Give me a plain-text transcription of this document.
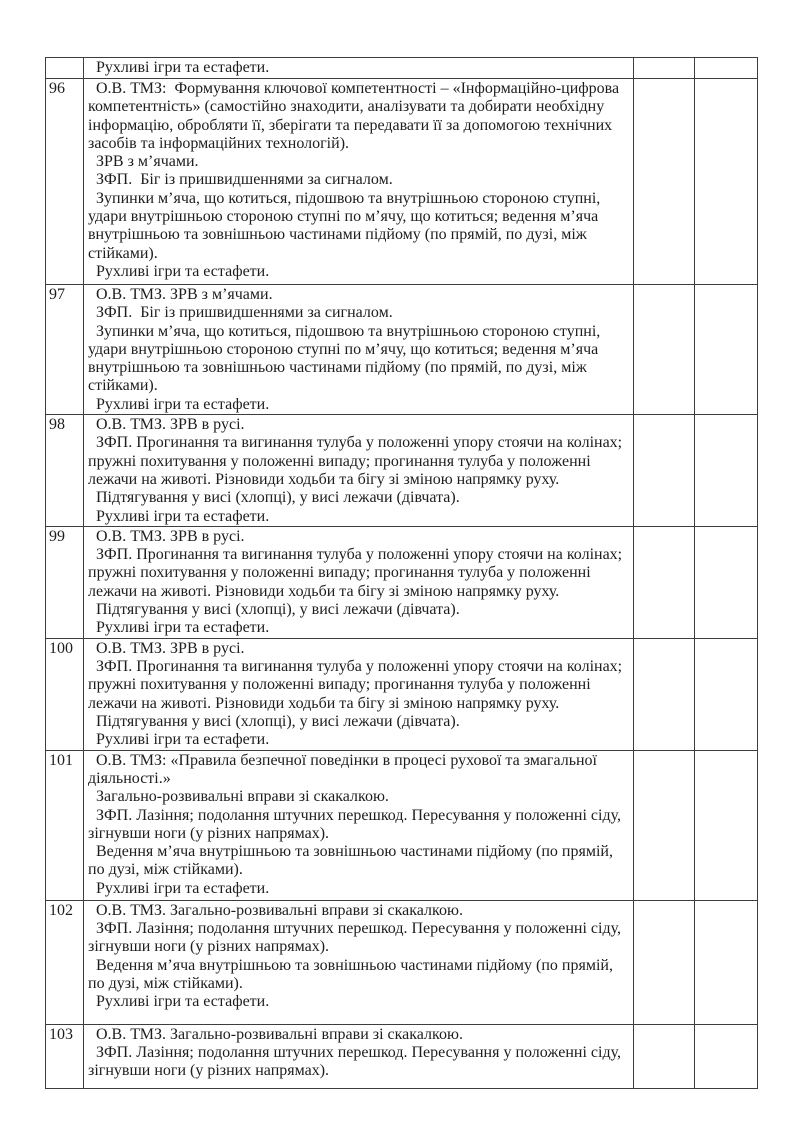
	Рухливі ігри та естафети.		

96	О.В. ТМЗ:  Формування ключової компетентності – «Інформаційно-цифрова компетентність» (самостійно знаходити, аналізувати та добирати необхідну інформацію, обробляти її, зберігати та передавати її за допомогою технічних засобів та інформаційних технологій).

ЗРВ з м’ячами.

ЗФП.  Біг із пришвидшеннями за сигналом.

Зупинки м’яча, що котиться, підошвою та внутрішньою стороною ступні, удари внутрішньою стороною ступні по м’ячу, що котиться; ведення м’яча внутрішньою та зовнішньою частинами підйому (по прямій, по дузі, між стійками).

Рухливі ігри та естафети.		

97	О.В. ТМЗ. ЗРВ з м’ячами.

ЗФП.  Біг із пришвидшеннями за сигналом.

Зупинки м’яча, що котиться, підошвою та внутрішньою стороною ступні, удари внутрішньою стороною ступні по м’ячу, що котиться; ведення м’яча внутрішньою та зовнішньою частинами підйому (по прямій, по дузі, між стійками).

Рухливі ігри та естафети.		

98	О.В. ТМЗ. ЗРВ в русі.

ЗФП. Прогинання та вигинання тулуба у положенні упору стоячи на колінах; пружні похитування у положенні випаду; прогинання тулуба у положенні лежачи на животі. Різновиди ходьби та бігу зі зміною напрямку руху.

Підтягування у висі (хлопці), у висі лежачи (дівчата).

Рухливі ігри та естафети.		

99	О.В. ТМЗ. ЗРВ в русі.

ЗФП. Прогинання та вигинання тулуба у положенні упору стоячи на колінах; пружні похитування у положенні випаду; прогинання тулуба у положенні лежачи на животі. Різновиди ходьби та бігу зі зміною напрямку руху.

Підтягування у висі (хлопці), у висі лежачи (дівчата).

Рухливі ігри та естафети.		

100	О.В. ТМЗ. ЗРВ в русі.

ЗФП. Прогинання та вигинання тулуба у положенні упору стоячи на колінах; пружні похитування у положенні випаду; прогинання тулуба у положенні лежачи на животі. Різновиди ходьби та бігу зі зміною напрямку руху.

Підтягування у висі (хлопці), у висі лежачи (дівчата).

Рухливі ігри та естафети.		

101	О.В. ТМЗ: «Правила безпечної поведінки в процесі рухової та змагальної діяльності.»

Загально-розвивальні вправи зі скакалкою.

ЗФП. Лазіння; подолання штучних перешкод. Пересування у положенні сіду, зігнувши ноги (у різних напрямах).

Ведення м’яча внутрішньою та зовнішньою частинами підйому (по прямій, по дузі, між стійками).

Рухливі ігри та естафети.		

102	О.В. ТМЗ. Загально-розвивальні вправи зі скакалкою.

ЗФП. Лазіння; подолання штучних перешкод. Пересування у положенні сіду, зігнувши ноги (у різних напрямах).

Ведення м’яча внутрішньою та зовнішньою частинами підйому (по прямій, по дузі, між стійками).

Рухливі ігри та естафети.		

103	О.В. ТМЗ. Загально-розвивальні вправи зі скакалкою.

ЗФП. Лазіння; подолання штучних перешкод. Пересування у положенні сіду, зігнувши ноги (у різних напрямах).		
